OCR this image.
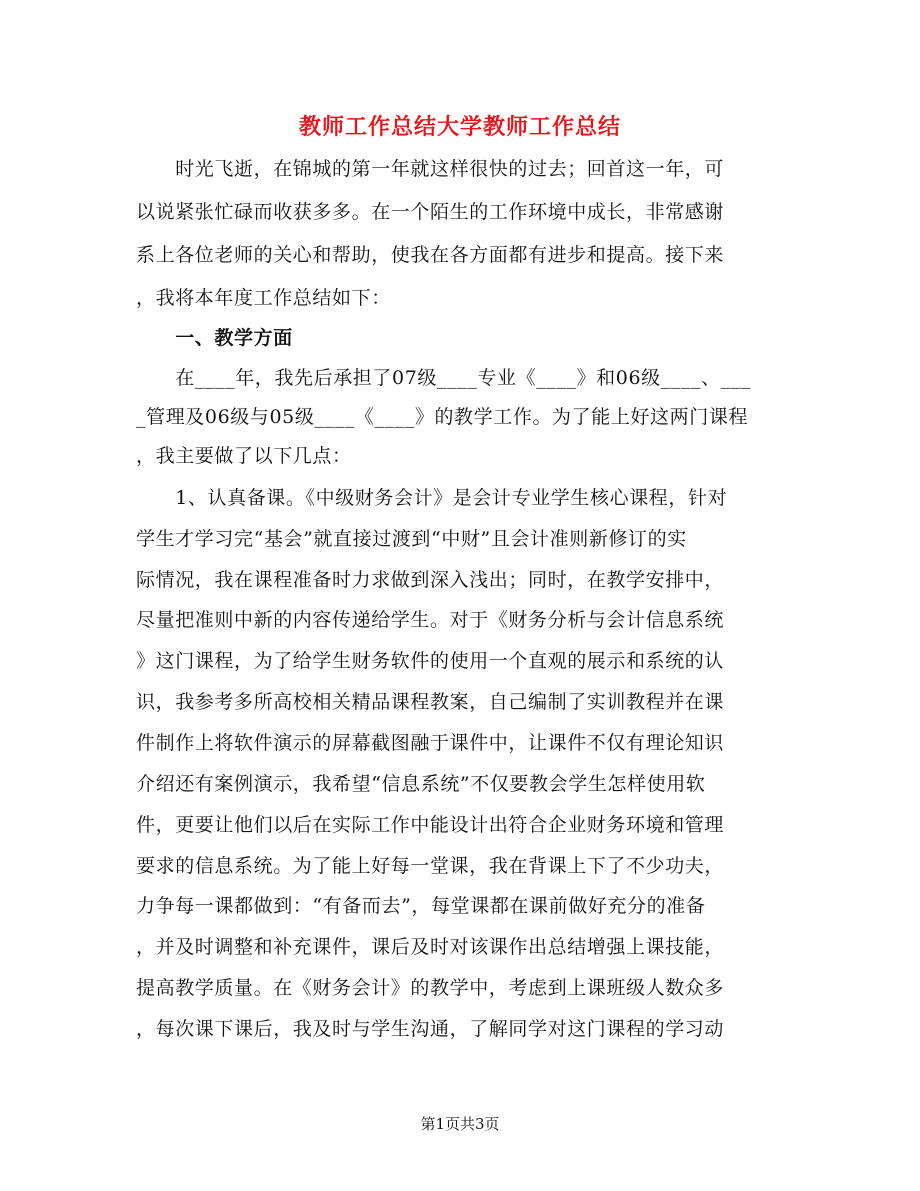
教师工作总结大学教师工作总结
　　时光飞逝，在锦城的第一年就这样很快的过去；回首这一年，可
以说紧张忙碌而收获多多。在一个陌生的工作环境中成长，非常感谢
系上各位老师的关心和帮助，使我在各方面都有进步和提高。接下来
，我将本年度工作总结如下：
　　一、教学方面
　　在____年，我先后承担了07级____专业《____》和06级____、___
_管理及06级与05级____《____》的教学工作。为了能上好这两门课程
，我主要做了以下几点：
　　1、认真备课。《中级财务会计》是会计专业学生核心课程，针对
学生才学习完“基会”就直接过渡到“中财”且会计准则新修订的实
际情况，我在课程准备时力求做到深入浅出；同时，在教学安排中，
尽量把准则中新的内容传递给学生。对于《财务分析与会计信息系统
》这门课程，为了给学生财务软件的使用一个直观的展示和系统的认
识，我参考多所高校相关精品课程教案，自己编制了实训教程并在课
件制作上将软件演示的屏幕截图融于课件中，让课件不仅有理论知识
介绍还有案例演示，我希望“信息系统”不仅要教会学生怎样使用软
件，更要让他们以后在实际工作中能设计出符合企业财务环境和管理
要求的信息系统。为了能上好每一堂课，我在背课上下了不少功夫，
力争每一课都做到：“有备而去”，每堂课都在课前做好充分的准备
，并及时调整和补充课件，课后及时对该课作出总结增强上课技能，
提高教学质量。在《财务会计》的教学中，考虑到上课班级人数众多
，每次课下课后，我及时与学生沟通，了解同学对这门课程的学习动
第1页共3页
